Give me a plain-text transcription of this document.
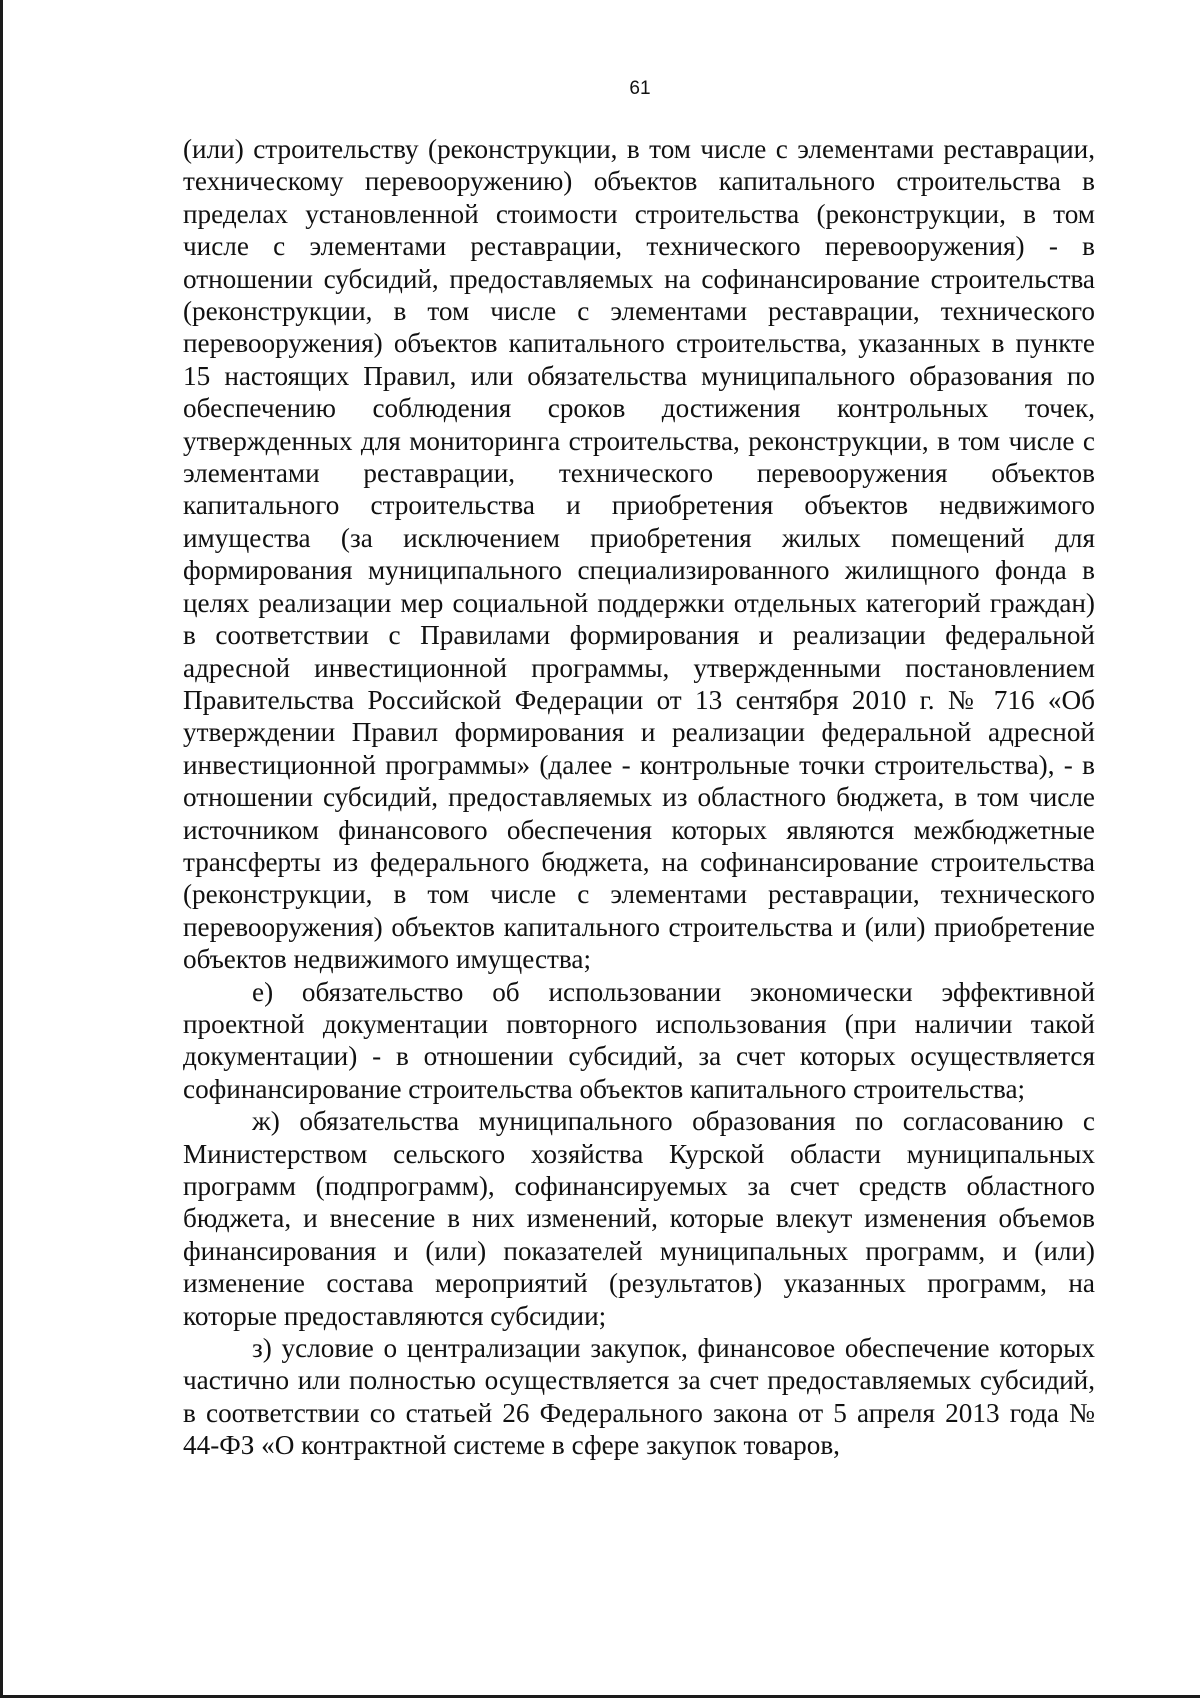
61

(или) строительству (реконструкции, в том числе с элементами реставрации, техническому перевооружению) объектов капитального строительства в пределах установленной стоимости строительства (реконструкции, в том числе с элементами реставрации, технического перевооружения) - в отношении субсидий, предоставляемых на софинансирование строительства (реконструкции, в том числе с элементами реставрации, технического перевооружения) объектов капитального строительства, указанных в пункте 15 настоящих Правил, или обязательства муниципального образования по обеспечению соблюдения сроков достижения контрольных точек, утвержденных для мониторинга строительства, реконструкции, в том числе с элементами реставрации, технического перевооружения объектов капитального строительства и приобретения объектов недвижимого имущества (за исключением приобретения жилых помещений для формирования муниципального специализированного жилищного фонда в целях реализации мер социальной поддержки отдельных категорий граждан) в соответствии с Правилами формирования и реализации федеральной адресной инвестиционной программы, утвержденными постановлением Правительства Российской Федерации от 13 сентября 2010 г. № 716 «Об утверждении Правил формирования и реализации федеральной адресной инвестиционной программы» (далее - контрольные точки строительства), - в отношении субсидий, предоставляемых из областного бюджета, в том числе источником финансового обеспечения которых являются межбюджетные трансферты из федерального бюджета, на софинансирование строительства (реконструкции, в том числе с элементами реставрации, технического перевооружения) объектов капитального строительства и (или) приобретение объектов недвижимого имущества;

е) обязательство об использовании экономически эффективной проектной документации повторного использования (при наличии такой документации) - в отношении субсидий, за счет которых осуществляется софинансирование строительства объектов капитального строительства;

ж) обязательства муниципального образования по согласованию с Министерством сельского хозяйства Курской области муниципальных программ (подпрограмм), софинансируемых за счет средств областного бюджета, и внесение в них изменений, которые влекут изменения объемов финансирования и (или) показателей муниципальных программ, и (или) изменение состава мероприятий (результатов) указанных программ, на которые предоставляются субсидии;

з) условие о централизации закупок, финансовое обеспечение которых частично или полностью осуществляется за счет предоставляемых субсидий, в соответствии со статьей 26 Федерального закона от 5 апреля 2013 года № 44-ФЗ «О контрактной системе в сфере закупок товаров,
